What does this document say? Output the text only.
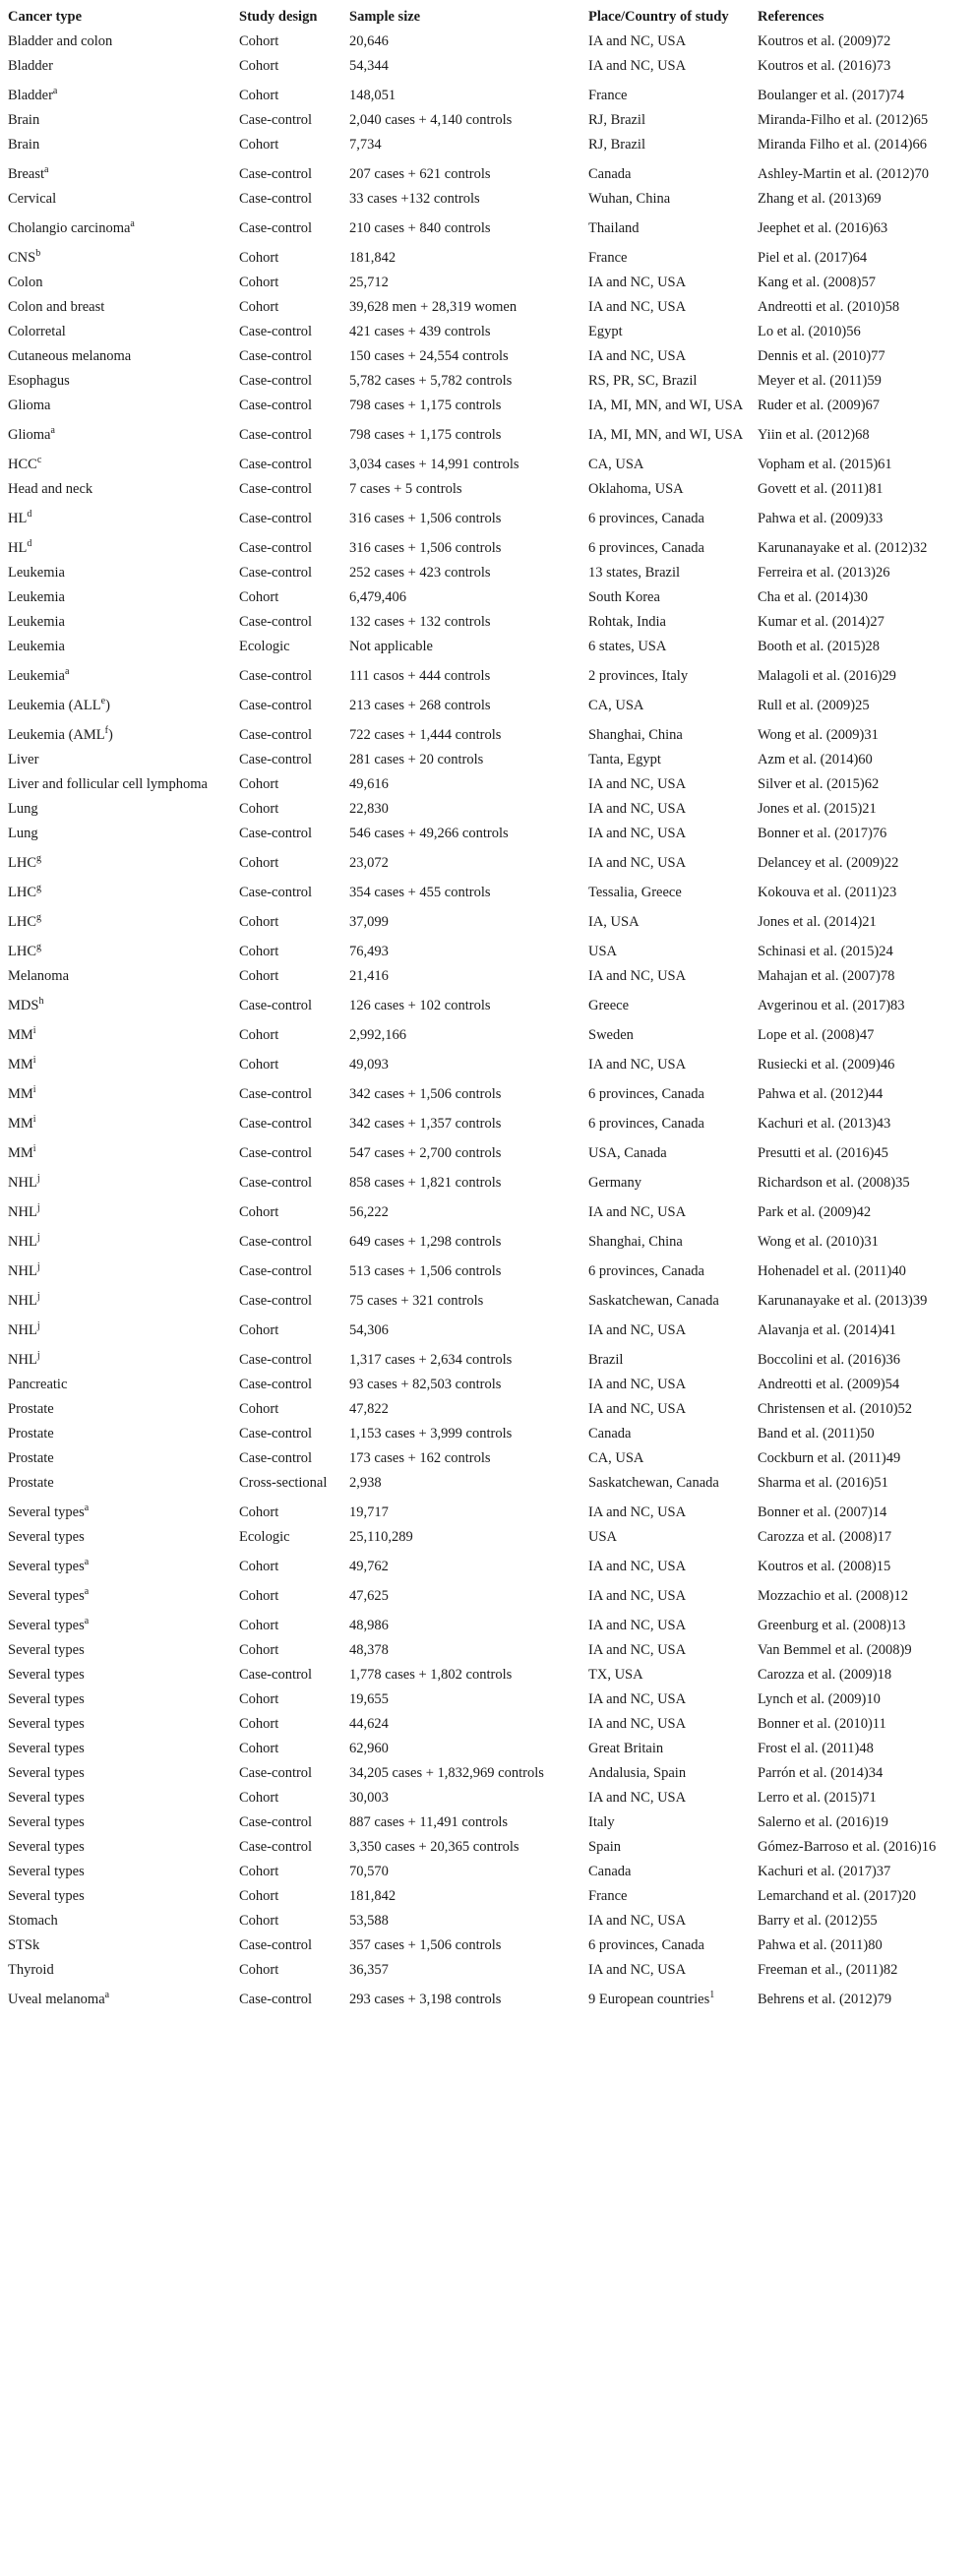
Cancer type	Study design	Sample size	Place/Country of study	References
Bladder and colon	Cohort	20,646	IA and NC, USA	Koutros et al. (2009)72
Bladder	Cohort	54,344	IA and NC, USA	Koutros et al. (2016)73
Bladder$^a$	Cohort	148,051	France	Boulanger et al. (2017)74
Brain	Case-control	2,040 cases + 4,140 controls	RJ, Brazil	Miranda-Filho et al. (2012)65
Brain	Cohort	7,734	RJ, Brazil	Miranda Filho et al. (2014)66
Breast$^a$	Case-control	207 cases + 621 controls	Canada	Ashley-Martin et al. (2012)70
Cervical	Case-control	33 cases +132 controls	Wuhan, China	Zhang et al. (2013)69
Cholangio carcinoma$^a$	Case-control	210 cases + 840 controls	Thailand	Jeephet et al. (2016)63
CNS$^b$	Cohort	181,842	France	Piel et al. (2017)64
Colon	Cohort	25,712	IA and NC, USA	Kang et al. (2008)57
Colon and breast	Cohort	39,628 men + 28,319 women	IA and NC, USA	Andreotti et al. (2010)58
Colorretal	Case-control	421 cases + 439 controls	Egypt	Lo et al. (2010)56
Cutaneous melanoma	Case-control	150 cases + 24,554 controls	IA and NC, USA	Dennis et al. (2010)77
Esophagus	Case-control	5,782 cases + 5,782 controls	RS, PR, SC, Brazil	Meyer et al. (2011)59
Glioma	Case-control	798 cases + 1,175 controls	IA, MI, MN, and WI, USA	Ruder et al. (2009)67
Glioma$^a$	Case-control	798 cases + 1,175 controls	IA, MI, MN, and WI, USA	Yiin et al. (2012)68
HCC$^c$	Case-control	3,034 cases + 14,991 controls	CA, USA	Vopham et al. (2015)61
Head and neck	Case-control	7 cases + 5 controls	Oklahoma, USA	Govett et al. (2011)81
$HL^d$	Case-control	316 cases + 1,506 controls	6 provinces, Canada	Pahwa et al. (2009)33
$HL^d$	Case-control	316 cases + 1,506 controls	6 provinces, Canada	Karunanayake et al. (2012)32
Leukemia	Case-control	252 cases + 423 controls	13 states, Brazil	Ferreira et al. (2013)26
Leukemia	Cohort	6,479,406	South Korea	Cha et al. (2014)30
Leukemia	Case-control	132 cases + 132 controls	Rohtak, India	Kumar et al. (2014)27
Leukemia	Ecologic	Not applicable	6 states, USA	Booth et al. (2015)28
Leukemia$^a$	Case-control	111 casos + 444 controls	2 provinces, Italy	Malagoli et al. (2016)29
Leukemia (ALL$^e$)	Case-control	213 cases + 268 controls	CA, USA	Rull et al. (2009)25
Leukemia (AML$^f$)	Case-control	722 cases + 1,444 controls	Shanghai, China	Wong et al. (2009)31
Liver	Case-control	281 cases + 20 controls	Tanta, Egypt	Azm et al. (2014)60
Liver and follicular cell lymphoma	Cohort	49,616	IA and NC, USA	Silver et al. (2015)62
Lung	Cohort	22,830	IA and NC, USA	Jones et al. (2015)21
Lung	Case-control	546 cases + 49,266 controls	IA and NC, USA	Bonner et al. (2017)76
LHC$^g$	Cohort	23,072	IA and NC, USA	Delancey et al. (2009)22
LHC$^g$	Case-control	354 cases + 455 controls	Tessalia, Greece	Kokouva et al. (2011)23
LHC$^g$	Cohort	37,099	IA, USA	Jones et al. (2014)21
LHC$^g$	Cohort	76,493	USA	Schinasi et al. (2015)24
Melanoma	Cohort	21,416	IA and NC, USA	Mahajan et al. (2007)78
MDS$^h$	Case-control	126 cases + 102 controls	Greece	Avgerinou et al. (2017)83
$MM^i$	Cohort	2,992,166	Sweden	Lope et al. (2008)47
$MM^i$	Cohort	49,093	IA and NC, USA	Rusiecki et al. (2009)46
$MM^i$	Case-control	342 cases + 1,506 controls	6 provinces, Canada	Pahwa et al. (2012)44
$MM^i$	Case-control	342 cases + 1,357 controls	6 provinces, Canada	Kachuri et al. (2013)43
$MM^i$	Case-control	547 cases + 2,700 controls	USA, Canada	Presutti et al. (2016)45
NHL$^j$	Case-control	858 cases + 1,821 controls	Germany	Richardson et al. (2008)35
NHL$^j$	Cohort	56,222	IA and NC, USA	Park et al. (2009)42
NHL$^j$	Case-control	649 cases + 1,298 controls	Shanghai, China	Wong et al. (2010)31
NHL$^j$	Case-control	513 cases + 1,506 controls	6 provinces, Canada	Hohenadel et al. (2011)40
NHL$^j$	Case-control	75 cases + 321 controls	Saskatchewan, Canada	Karunanayake et al. (2013)39
NHL$^j$	Cohort	54,306	IA and NC, USA	Alavanja et al. (2014)41
NHL$^j$	Case-control	1,317 cases + 2,634 controls	Brazil	Boccolini et al. (2016)36
Pancreatic	Case-control	93 cases + 82,503 controls	IA and NC, USA	Andreotti et al. (2009)54
Prostate	Cohort	47,822	IA and NC, USA	Christensen et al. (2010)52
Prostate	Case-control	1,153 cases + 3,999 controls	Canada	Band et al. (2011)50
Prostate	Case-control	173 cases + 162 controls	CA, USA	Cockburn et al. (2011)49
Prostate	Cross-sectional	2,938	Saskatchewan, Canada	Sharma et al. (2016)51
Several types$^a$	Cohort	19,717	IA and NC, USA	Bonner et al. (2007)14
Several types	Ecologic	25,110,289	USA	Carozza et al. (2008)17
Several types$^a$	Cohort	49,762	IA and NC, USA	Koutros et al. (2008)15
Several types$^a$	Cohort	47,625	IA and NC, USA	Mozzachio et al. (2008)12
Several types$^a$	Cohort	48,986	IA and NC, USA	Greenburg et al. (2008)13
Several types	Cohort	48,378	IA and NC, USA	Van Bemmel et al. (2008)9
Several types	Case-control	1,778 cases + 1,802 controls	TX, USA	Carozza et al. (2009)18
Several types	Cohort	19,655	IA and NC, USA	Lynch et al. (2009)10
Several types	Cohort	44,624	IA and NC, USA	Bonner et al. (2010)11
Several types	Cohort	62,960	Great Britain	Frost el al. (2011)48
Several types	Case-control	34,205 cases + 1,832,969 controls	Andalusia, Spain	Parrón et al. (2014)34
Several types	Cohort	30,003	IA and NC, USA	Lerro et al. (2015)71
Several types	Case-control	887 cases + 11,491 controls	Italy	Salerno et al. (2016)19
Several types	Case-control	3,350 cases + 20,365 controls	Spain	Gómez-Barroso et al. (2016)16
Several types	Cohort	70,570	Canada	Kachuri et al. (2017)37
Several types	Cohort	181,842	France	Lemarchand et al. (2017)20
Stomach	Cohort	53,588	IA and NC, USA	Barry et al. (2012)55
STSk	Case-control	357 cases + 1,506 controls	6 provinces, Canada	Pahwa et al. (2011)80
Thyroid	Cohort	36,357	IA and NC, USA	Freeman et al., (2011)82
Uveal melanoma$^a$	Case-control	293 cases + 3,198 controls	9 European countries$^1$	Behrens et al. (2012)79
